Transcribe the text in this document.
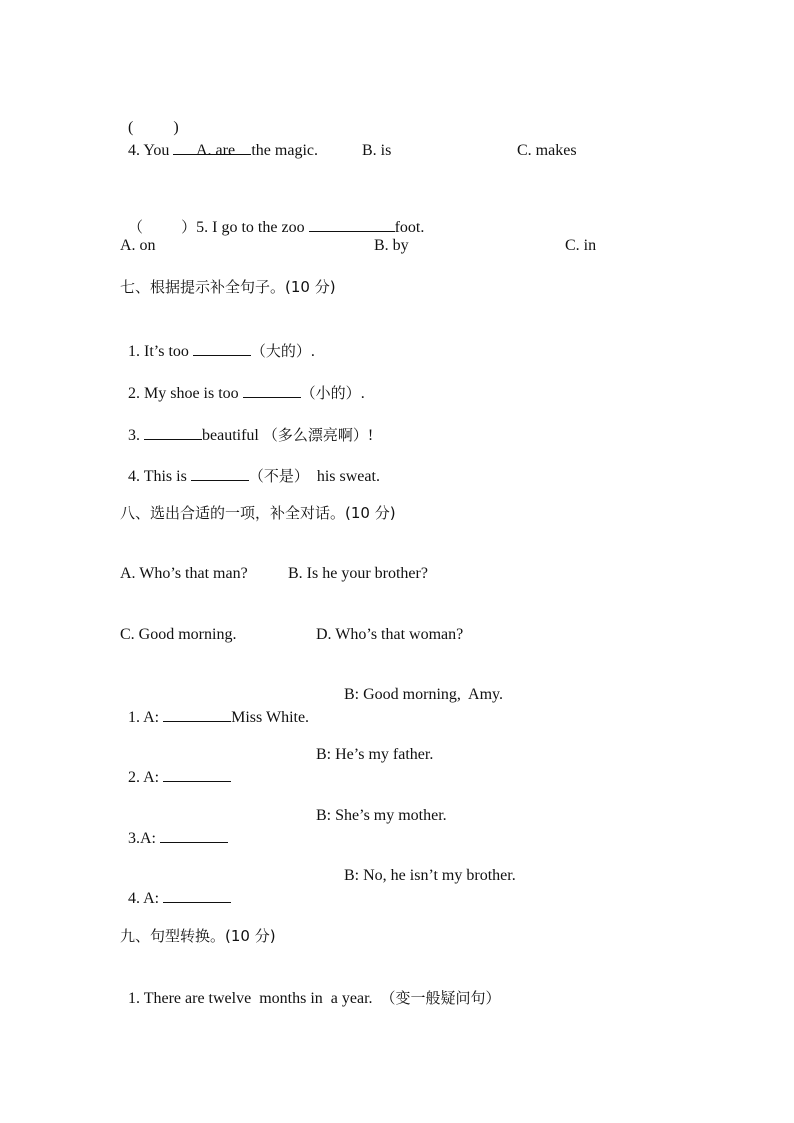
(          )
4. You	the magic.

A. are	B. is	C. makes

（        ）5. I go to the zoo	foot.

A. on	B. by	C. in
七、根据提示补全句子。(10 分)

1. It’s too	（大的）.

2. My shoe is too	（小的）.

3.	beautiful （多么漂亮啊）!

4. This is	（不是）  his sweat.

八、选出合适的一项，补全对话。(10 分)
A. Who’s that man?	B. Is he your brother?
C. Good morning.	D. Who’s that woman?

1. A:	Miss White.

B: Good morning,  Amy.

2. A:

B: He’s my father.

3.A:

B: She’s my mother.

4. A:

B: No, he isn’t my brother.
九、句型转换。(10 分)

1. There are twelve  months in  a year. （变一般疑问句）
